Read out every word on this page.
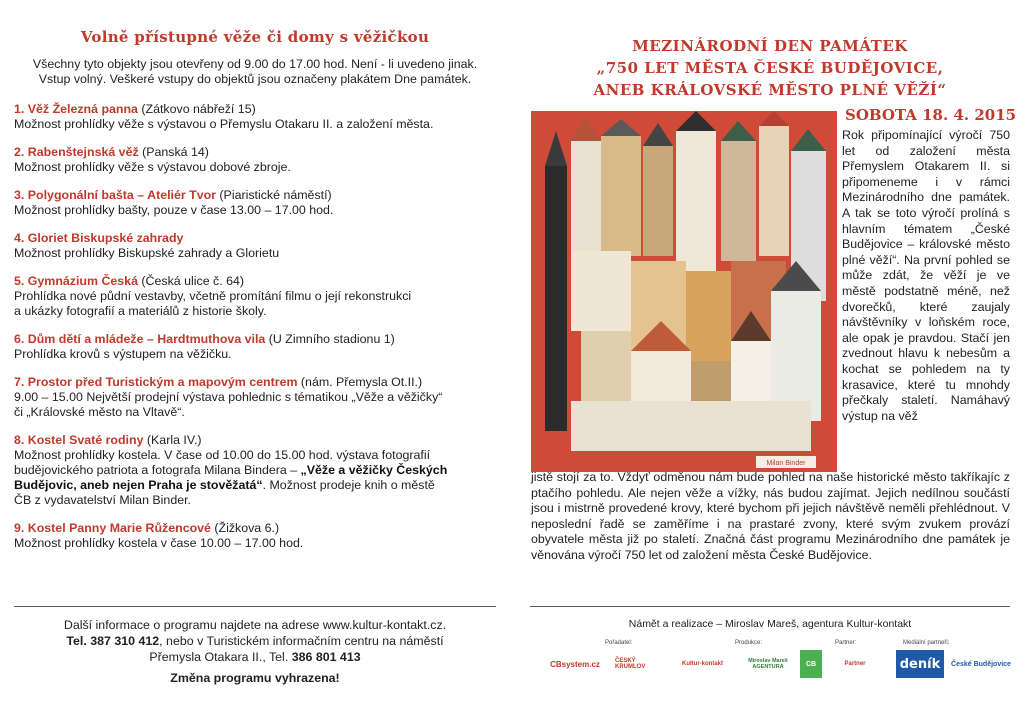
Volně přístupné věže či domy s věžičkou
Všechny tyto objekty jsou otevřeny od 9.00 do 17.00 hod. Není - li uvedeno jinak.
Vstup volný. Veškeré vstupy do objektů jsou označeny plakátem Dne památek.
1. Věž Železná panna (Zátkovo nábřeží 15)
Možnost prohlídky věže s výstavou o Přemyslu Otakaru II. a založení města.
2. Rabenštejnská věž (Panská 14)
Možnost prohlídky věže s výstavou dobové zbroje.
3. Polygonální bašta – Ateliér Tvor (Piaristické náměstí)
Možnost prohlídky bašty, pouze v čase 13.00 – 17.00 hod.
4. Gloriet Biskupské zahrady
Možnost prohlídky Biskupské zahrady a Glorietu
5. Gymnázium Česká (Česká ulice č. 64)
Prohlídka nové půdní vestavby, včetně promítání filmu o její rekonstrukci
a ukázky fotografií a materiálů z historie školy.
6. Dům dětí a mládeže – Hardtmuthova vila (U Zimního stadionu 1)
Prohlídka krovů s výstupem na věžičku.
7. Prostor před Turistickým a mapovým centrem (nám. Přemysla Ot.II.)
9.00 – 15.00 Největší prodejní výstava pohlednic s tématikou „Věže a věžičky“
či „Královské město na Vltavě“.
8. Kostel Svaté rodiny (Karla IV.)
Možnost prohlídky kostela. V čase od 10.00 do 15.00 hod. výstava fotografií
budějovického patriota a fotografa Milana Bindera – „Věže a věžičky Českých
Budějovic, aneb nejen Praha je stověžatá“. Možnost prodeje knih o městě
ČB z vydavatelství Milan Binder.
9. Kostel Panny Marie Růžencové (Žižkova 6.)
Možnost prohlídky kostela v čase 10.00 – 17.00 hod.
Další informace o programu najdete na adrese www.kultur-kontakt.cz.
Tel. 387 310 412, nebo v Turistickém informačním centru na náměstí
Přemysla Otakara II., Tel. 386 801 413
Změna programu vyhrazena!
MEZINÁRODNÍ DEN PAMÁTEK
„750 LET MĚSTA ČESKÉ BUDĚJOVICE,
ANEB KRÁLOVSKÉ MĚSTO PLNÉ VĚŽÍ“
SOBOTA 18. 4. 2015
Milan Binder
Rok připomínající výročí 750 let od založení města Přemyslem Otakarem II. si připomeneme i v rámci Mezinárodního dne památek. A tak se toto výročí prolíná s hlavním tématem „České Budějovice – královské město plné věží“. Na první pohled se může zdát, že věží je ve městě podstatně méně, než dvorečků, které zaujaly návštěvníky v loňském roce, ale opak je pravdou. Stačí jen zvednout hlavu k nebesům a kochat se pohledem na ty krasavice, které tu mnohdy přečkaly staletí. Namáhavý výstup na věž
jistě stojí za to. Vždyť odměnou nám bude pohled na naše historické město takříkajíc z ptačího pohledu. Ale nejen věže a vížky, nás budou zajímat. Jejich nedílnou součástí jsou i mistrně provedené krovy, které bychom při jejich návštěvě neměli přehlédnout. V neposlední řadě se zaměříme i na prastaré zvony, které svým zvukem provází obyvatele města již po staletí. Značná část programu Mezinárodního dne památek je věnována výročí 750 let od založení města České Budějovice.
Námět a realizace – Miroslav Mareš, agentura Kultur-kontakt
Pořadatel:	Produkce:	Partner:	Mediální partneři:
CBsystem.cz	ČESKÝ KRUMLOV	Kultur-kontakt	Miroslav Mareš AGENTURA	CB	Partner	deník České Budějovice
